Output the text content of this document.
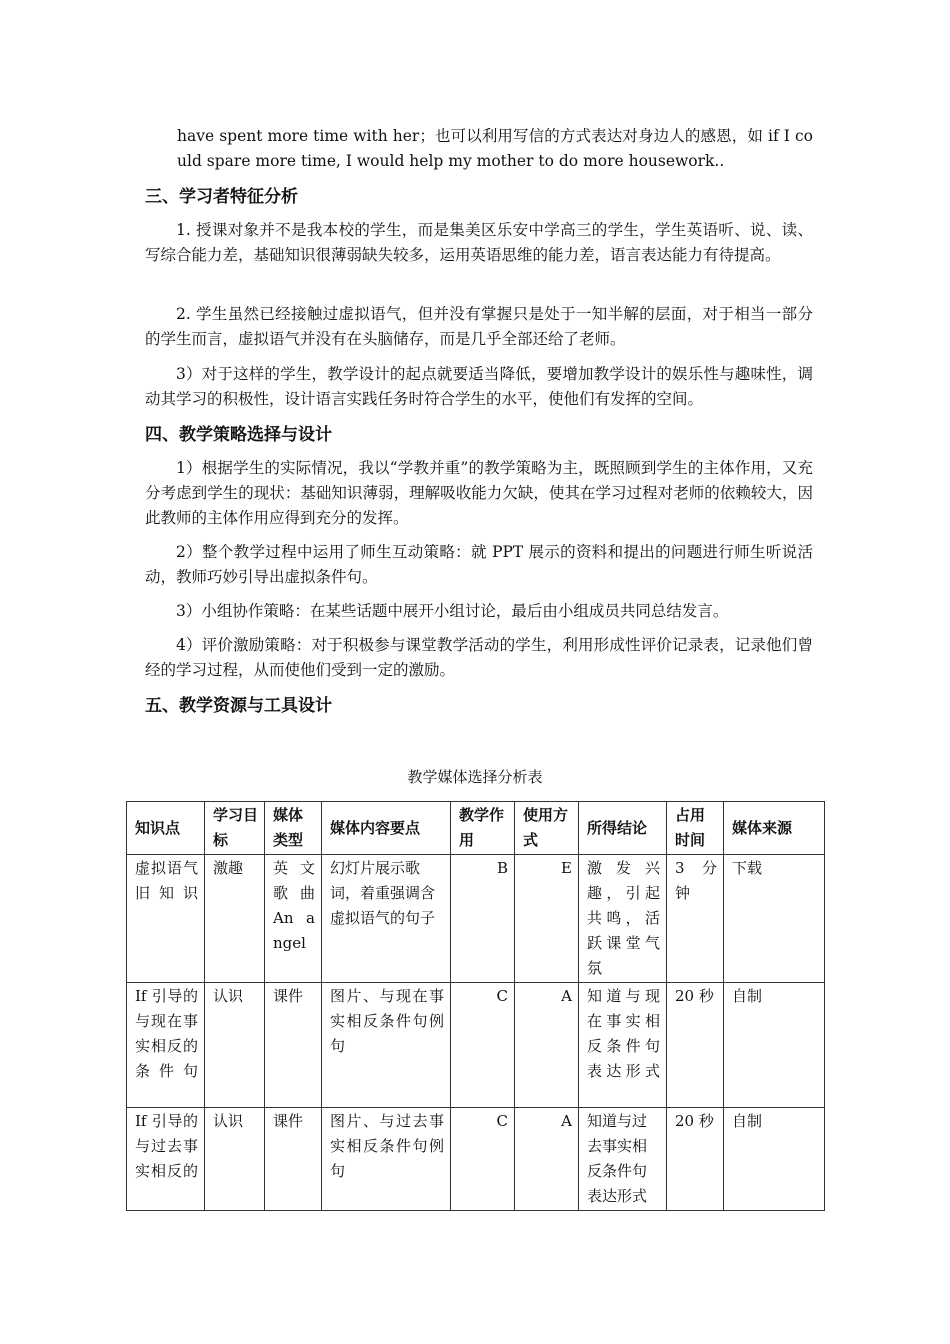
have spent more time with her；也可以利用写信的方式表达对身边人的感恩，如 if I could spare more time, I would help my mother to do more housework..

三、学习者特征分析

1. 授课对象并不是我本校的学生，而是集美区乐安中学高三的学生，学生英语听、说、读、写综合能力差，基础知识很薄弱缺失较多，运用英语思维的能力差，语言表达能力有待提高。

2. 学生虽然已经接触过虚拟语气，但并没有掌握只是处于一知半解的层面，对于相当一部分的学生而言，虚拟语气并没有在头脑储存，而是几乎全部还给了老师。

3）对于这样的学生，教学设计的起点就要适当降低，要增加教学设计的娱乐性与趣味性，调动其学习的积极性，设计语言实践任务时符合学生的水平，使他们有发挥的空间。

四、教学策略选择与设计

1）根据学生的实际情况，我以“学教并重”的教学策略为主，既照顾到学生的主体作用，又充分考虑到学生的现状：基础知识薄弱，理解吸收能力欠缺，使其在学习过程对老师的依赖较大，因此教师的主体作用应得到充分的发挥。

2）整个教学过程中运用了师生互动策略：就 PPT 展示的资料和提出的问题进行师生听说活动，教师巧妙引导出虚拟条件句。

3）小组协作策略：在某些话题中展开小组讨论，最后由小组成员共同总结发言。

4）评价激励策略：对于积极参与课堂教学活动的学生，利用形成性评价记录表，记录他们曾经的学习过程，从而使他们受到一定的激励。

五、教学资源与工具设计

教学媒体选择分析表

知识点	学习目标	媒体类型	媒体内容要点	教学作用	使用方式	所得结论	占用时间	媒体来源
虚拟语气旧知识	激趣	英文歌曲 An angel	幻灯片展示歌词，着重强调含虚拟语气的句子	B	E	激发兴趣，引起共鸣，活跃课堂气氛	3 分钟	下载
If 引导的与现在事实相反的条件句	认识	课件	图片、与现在事实相反条件句例句	C	A	知道与现在事实相反条件句表达形式	20 秒	自制
If 引导的与过去事实相反的	认识	课件	图片、与过去事实相反条件句例句	C	A	知道与过去事实相反条件句表达形式	20 秒	自制
